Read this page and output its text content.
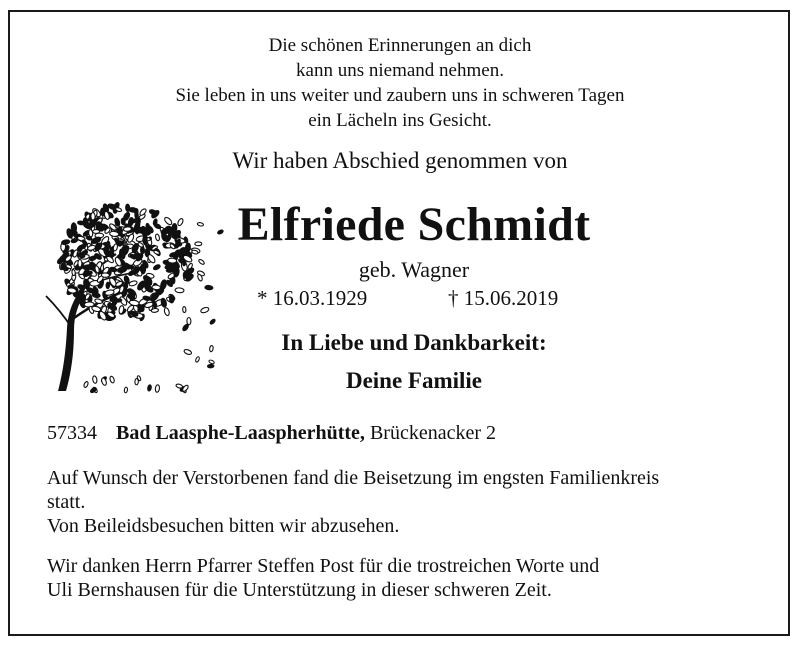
Die schönen Erinnerungen an dich
kann uns niemand nehmen.
Sie leben in uns weiter und zaubern uns in schweren Tagen
ein Lächeln ins Gesicht.
Wir haben Abschied genommen von
Elfriede Schmidt
geb. Wagner
* 16.03.1929	† 15.06.2019
In Liebe und Dankbarkeit:
Deine Familie
57334 Bad Laasphe-Laaspherhütte, Brückenacker 2
Auf Wunsch der Verstorbenen fand die Beisetzung im engsten Familienkreis
statt.
Von Beileidsbesuchen bitten wir abzusehen.
Wir danken Herrn Pfarrer Steffen Post für die trostreichen Worte und
Uli Bernshausen für die Unterstützung in dieser schweren Zeit.
